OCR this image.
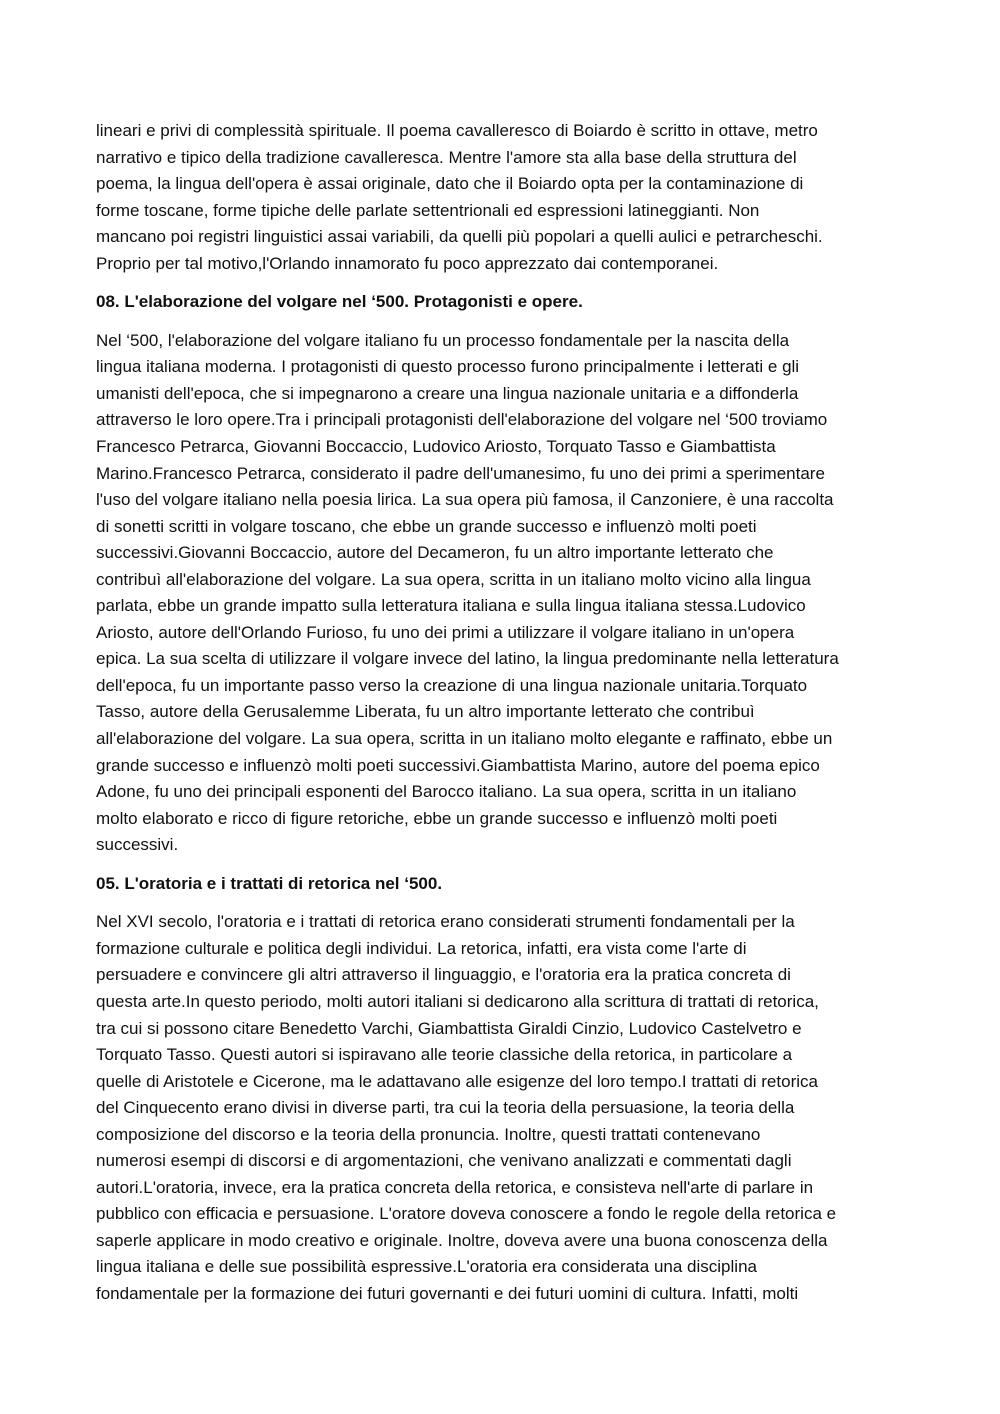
lineari e privi di complessità spirituale. Il poema cavalleresco di Boiardo è scritto in ottave, metro
narrativo e tipico della tradizione cavalleresca. Mentre l'amore sta alla base della struttura del
poema, la lingua dell'opera è assai originale, dato che il Boiardo opta per la contaminazione di
forme toscane, forme tipiche delle parlate settentrionali ed espressioni latineggianti. Non
mancano poi registri linguistici assai variabili, da quelli più popolari a quelli aulici e petrarcheschi.
Proprio per tal motivo,l'Orlando innamorato fu poco apprezzato dai contemporanei.
08. L'elaborazione del volgare nel ‘500. Protagonisti e opere.
Nel ‘500, l'elaborazione del volgare italiano fu un processo fondamentale per la nascita della
lingua italiana moderna. I protagonisti di questo processo furono principalmente i letterati e gli
umanisti dell'epoca, che si impegnarono a creare una lingua nazionale unitaria e a diffonderla
attraverso le loro opere.Tra i principali protagonisti dell'elaborazione del volgare nel ‘500 troviamo
Francesco Petrarca, Giovanni Boccaccio, Ludovico Ariosto, Torquato Tasso e Giambattista
Marino.Francesco Petrarca, considerato il padre dell'umanesimo, fu uno dei primi a sperimentare
l'uso del volgare italiano nella poesia lirica. La sua opera più famosa, il Canzoniere, è una raccolta
di sonetti scritti in volgare toscano, che ebbe un grande successo e influenzò molti poeti
successivi.Giovanni Boccaccio, autore del Decameron, fu un altro importante letterato che
contribuì all'elaborazione del volgare. La sua opera, scritta in un italiano molto vicino alla lingua
parlata, ebbe un grande impatto sulla letteratura italiana e sulla lingua italiana stessa.Ludovico
Ariosto, autore dell'Orlando Furioso, fu uno dei primi a utilizzare il volgare italiano in un'opera
epica. La sua scelta di utilizzare il volgare invece del latino, la lingua predominante nella letteratura
dell'epoca, fu un importante passo verso la creazione di una lingua nazionale unitaria.Torquato
Tasso, autore della Gerusalemme Liberata, fu un altro importante letterato che contribuì
all'elaborazione del volgare. La sua opera, scritta in un italiano molto elegante e raffinato, ebbe un
grande successo e influenzò molti poeti successivi.Giambattista Marino, autore del poema epico
Adone, fu uno dei principali esponenti del Barocco italiano. La sua opera, scritta in un italiano
molto elaborato e ricco di figure retoriche, ebbe un grande successo e influenzò molti poeti
successivi.
05. L'oratoria e i trattati di retorica nel ‘500.
Nel XVI secolo, l'oratoria e i trattati di retorica erano considerati strumenti fondamentali per la
formazione culturale e politica degli individui. La retorica, infatti, era vista come l'arte di
persuadere e convincere gli altri attraverso il linguaggio, e l'oratoria era la pratica concreta di
questa arte.In questo periodo, molti autori italiani si dedicarono alla scrittura di trattati di retorica,
tra cui si possono citare Benedetto Varchi, Giambattista Giraldi Cinzio, Ludovico Castelvetro e
Torquato Tasso. Questi autori si ispiravano alle teorie classiche della retorica, in particolare a
quelle di Aristotele e Cicerone, ma le adattavano alle esigenze del loro tempo.I trattati di retorica
del Cinquecento erano divisi in diverse parti, tra cui la teoria della persuasione, la teoria della
composizione del discorso e la teoria della pronuncia. Inoltre, questi trattati contenevano
numerosi esempi di discorsi e di argomentazioni, che venivano analizzati e commentati dagli
autori.L'oratoria, invece, era la pratica concreta della retorica, e consisteva nell'arte di parlare in
pubblico con efficacia e persuasione. L'oratore doveva conoscere a fondo le regole della retorica e
saperle applicare in modo creativo e originale. Inoltre, doveva avere una buona conoscenza della
lingua italiana e delle sue possibilità espressive.L'oratoria era considerata una disciplina
fondamentale per la formazione dei futuri governanti e dei futuri uomini di cultura. Infatti, molti
